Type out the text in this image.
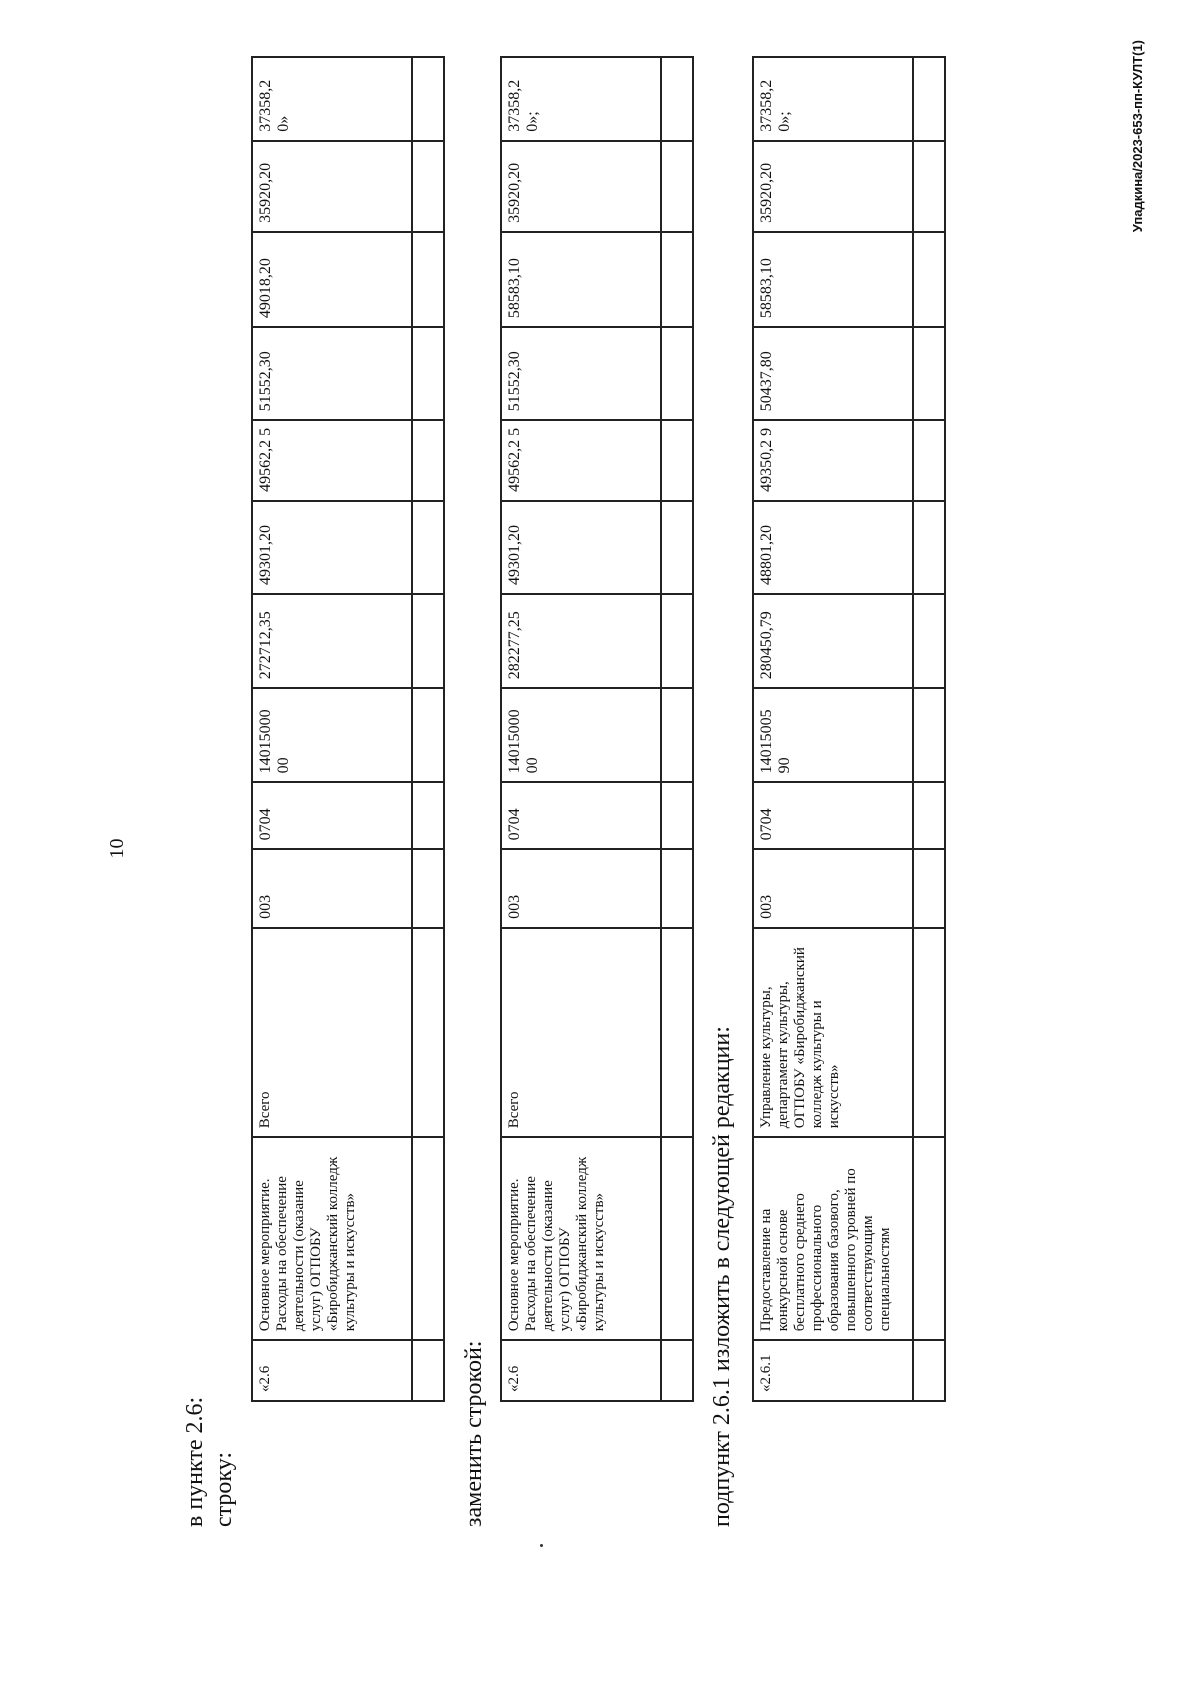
10
в пункте 2.6: строку:
«2.6	Основное мероприятие. Расходы на обеспечение деятельности (оказание услуг) ОГПОБУ «Биробиджанский колледж культуры и искусств»	Всего	003	0704	14015000 00	272712,35	49301,20	49562,2 5	51552,30	49018,20	35920,20	37358,2 0»

заменить строкой: «2.6	Основное мероприятие. Расходы на обеспечение деятельности (оказание услуг) ОГПОБУ «Биробиджанский колледж культуры и искусств»	Всего	003	0704	14015000 00	282277,25	49301,20	49562,2 5	51552,30	58583,10	35920,20	37358,2 0»;

подпункт 2.6.1 изложить в следующей редакции: «2.6.1	Предоставление на конкурсной основе бесплатного среднего профессионального образования базового, повышенного уровней по соответствующим специальностям	Управление культуры, департамент культуры, ОГПОБУ «Биробиджанский колледж культуры и искусств»	003	0704	14015005 90	280450,79	48801,20	49350,2 9	50437,80	58583,10	35920,20	37358,2 0»;
													Упадкина/2023-653-пп-КУЛТ(1)
